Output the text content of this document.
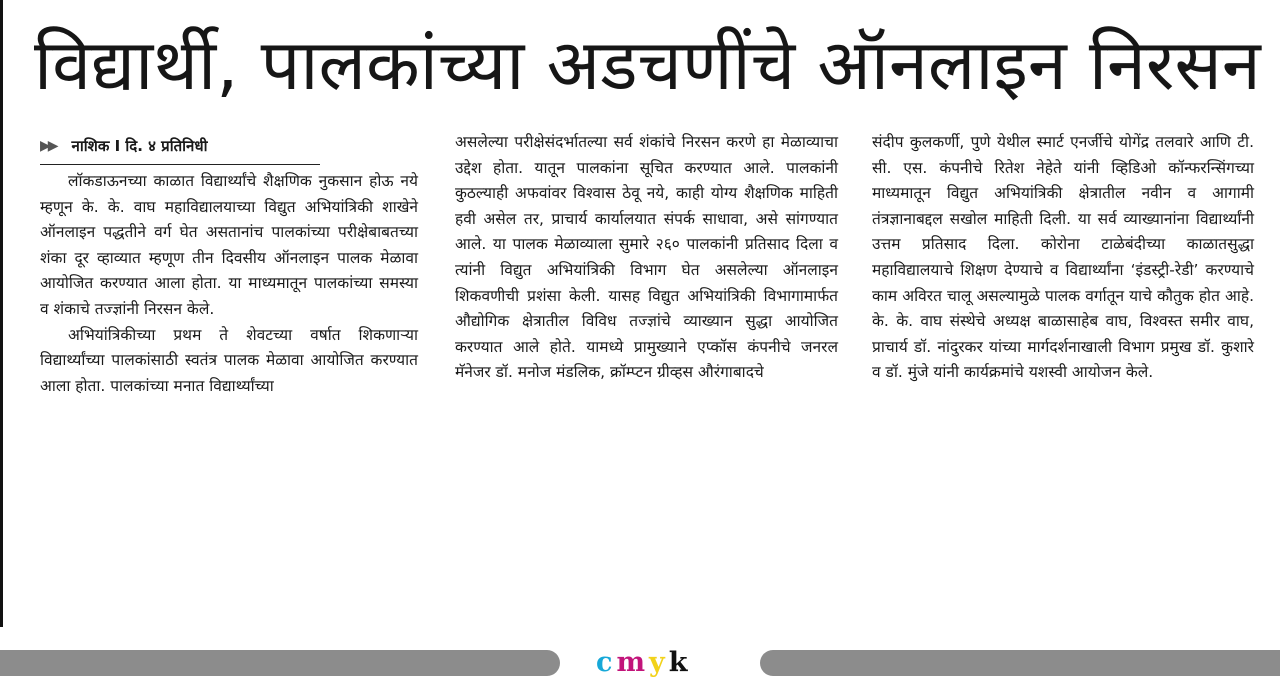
विद्यार्थी, पालकांच्या अडचणींचे ऑनलाइन निरसन
▶▶ नाशिक I दि. ४ प्रतिनिधी

लॉकडाऊनच्या काळात विद्यार्थ्यांचे शैक्षणिक नुकसान होऊ नये म्हणून के. के. वाघ महाविद्यालयाच्या विद्युत अभियांत्रिकी शाखेने ऑनलाइन पद्धतीने वर्ग घेत असतानांच पालकांच्या परीक्षेबाबतच्या शंका दूर व्हाव्यात म्हणूण तीन दिवसीय ऑनलाइन पालक मेळावा आयोजित करण्यात आला होता. या माध्यमातून पालकांच्या समस्या व शंकाचे तज्ज्ञांनी निरसन केले.

अभियांत्रिकीच्या प्रथम ते शेवटच्या वर्षात शिकणाऱ्या विद्यार्थ्यांच्या पालकांसाठी स्वतंत्र पालक मेळावा आयोजित करण्यात आला होता. पालकांच्या मनात विद्यार्थ्यांच्या

असलेल्या परीक्षेसंदर्भातल्या सर्व शंकांचे निरसन करणे हा मेळाव्याचा उद्देश होता. यातून पालकांना सूचित करण्यात आले. पालकांनी कुठल्याही अफवांवर विश्वास ठेवू नये, काही योग्य शैक्षणिक माहिती हवी असेल तर, प्राचार्य कार्यालयात संपर्क साधावा, असे सांगण्यात आले. या पालक मेळाव्याला सुमारे २६० पालकांनी प्रतिसाद दिला व त्यांनी विद्युत अभियांत्रिकी विभाग घेत असलेल्या ऑनलाइन शिकवणीची प्रशंसा केली. यासह विद्युत अभियांत्रिकी विभागामार्फत औद्योगिक क्षेत्रातील विविध तज्ज्ञांचे व्याख्यान सुद्धा आयोजित करण्यात आले होते. यामध्ये प्रामुख्याने एप्कॉस कंपनीचे जनरल मॅनेजर डॉ. मनोज मंडलिक, क्रॉम्प्टन ग्रीव्हस औरंगाबादचे

संदीप कुलकर्णी, पुणे येथील स्मार्ट एनर्जीचे योगेंद्र तलवारे आणि टी. सी. एस. कंपनीचे रितेश नेहेते यांनी व्हिडिओ कॉन्फरन्सिंगच्या माध्यमातून विद्युत अभियांत्रिकी क्षेत्रातील नवीन व आगामी तंत्रज्ञानाबद्दल सखोल माहिती दिली. या सर्व व्याख्यानांना विद्यार्थ्यांनी उत्तम प्रतिसाद दिला. कोरोना टाळेबंदीच्या काळातसुद्धा महाविद्यालयाचे शिक्षण देण्याचे व विद्यार्थ्यांना ‘इंडस्ट्री-रेडी’ करण्याचे काम अविरत चालू असल्यामुळे पालक वर्गातून याचे कौतुक होत आहे. के. के. वाघ संस्थेचे अध्यक्ष बाळासाहेब वाघ, विश्वस्त समीर वाघ, प्राचार्य डॉ. नांदुरकर यांच्या मार्गदर्शनाखाली विभाग प्रमुख डॉ. कुशारे व डॉ. मुंजे यांनी कार्यक्रमांचे यशस्वी आयोजन केले.

cmyk
